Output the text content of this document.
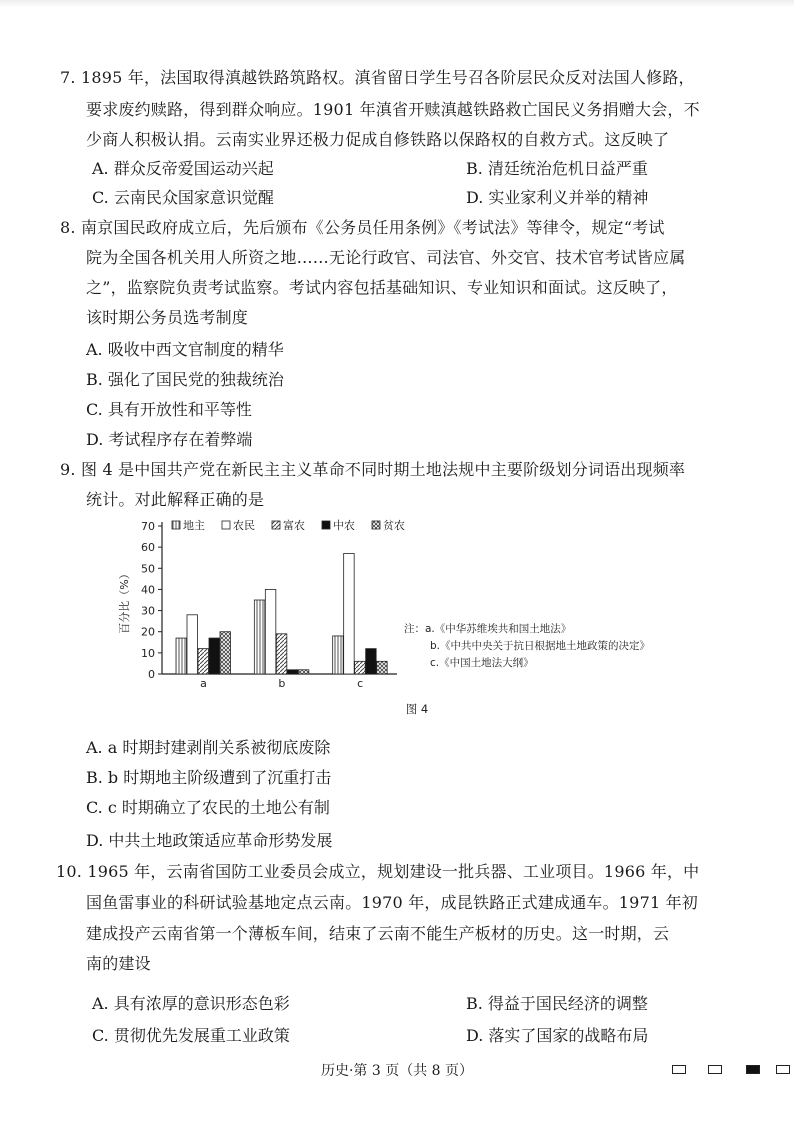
7. 1895 年，法国取得滇越铁路筑路权。滇省留日学生号召各阶层民众反对法国人修路，
要求废约赎路，得到群众响应。1901 年滇省开赎滇越铁路救亡国民义务捐赠大会，不
少商人积极认捐。云南实业界还极力促成自修铁路以保路权的自救方式。这反映了
A. 群众反帝爱国运动兴起	B. 清廷统治危机日益严重
C. 云南民众国家意识觉醒	D. 实业家利义并举的精神
8. 南京国民政府成立后，先后颁布《公务员任用条例》《考试法》等律令，规定“考试
院为全国各机关用人所资之地……无论行政官、司法官、外交官、技术官考试皆应属
之”，监察院负责考试监察。考试内容包括基础知识、专业知识和面试。这反映了，
该时期公务员选考制度
A. 吸收中西文官制度的精华
B. 强化了国民党的独裁统治
C. 具有开放性和平等性
D. 考试程序存在着弊端
9. 图 4 是中国共产党在新民主主义革命不同时期土地法规中主要阶级划分词语出现频率
统计。对此解释正确的是
0
10
20
30
40
50
60
70
百分比（%）
a	b	c
地主	农民	富农	中农	贫农
注：a.《中华苏维埃共和国土地法》
b.《中共中央关于抗日根据地土地政策的决定》
c.《中国土地法大纲》
图 4
A. a 时期封建剥削关系被彻底废除
B. b 时期地主阶级遭到了沉重打击
C. c 时期确立了农民的土地公有制
D. 中共土地政策适应革命形势发展
10. 1965 年，云南省国防工业委员会成立，规划建设一批兵器、工业项目。1966 年，中
国鱼雷事业的科研试验基地定点云南。1970 年，成昆铁路正式建成通车。1971 年初
建成投产云南省第一个薄板车间，结束了云南不能生产板材的历史。这一时期，云
南的建设
A. 具有浓厚的意识形态色彩	B. 得益于国民经济的调整
C. 贯彻优先发展重工业政策	D. 落实了国家的战略布局
历史·第 3 页（共 8 页）
